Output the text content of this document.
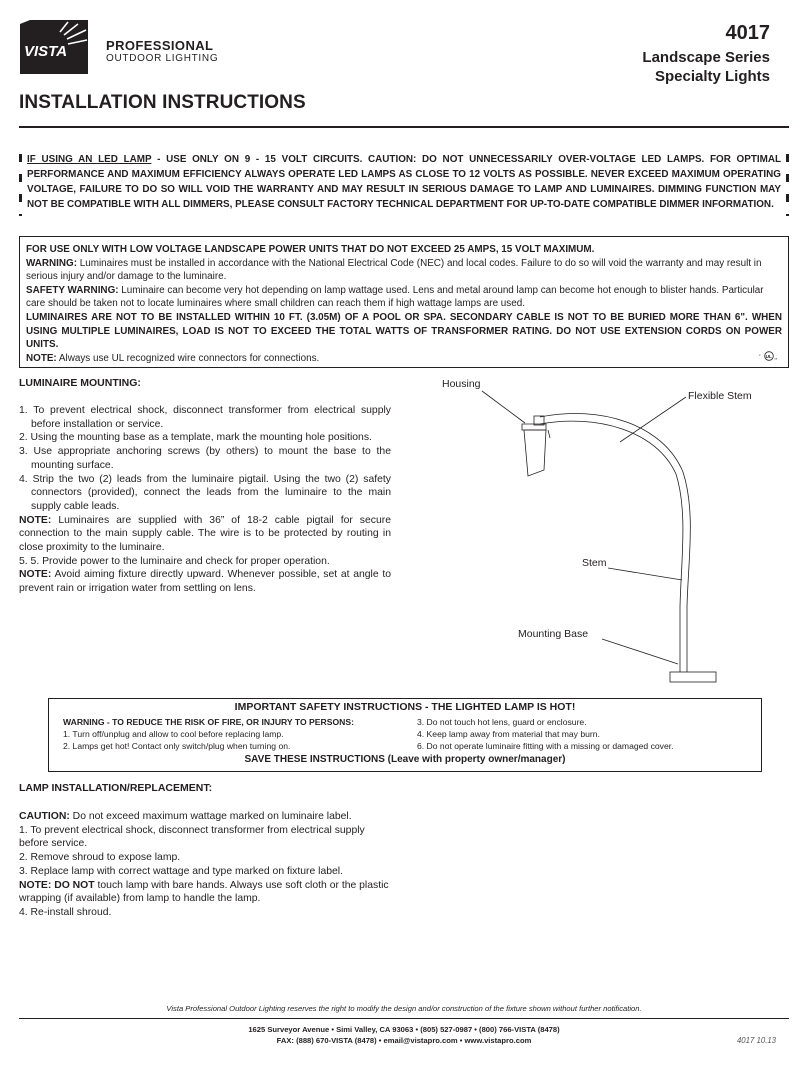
VISTA	PROFESSIONAL
OUTDOOR LIGHTING
4017
Landscape Series
Specialty Lights
INSTALLATION INSTRUCTIONS
IF USING AN LED LAMP - USE ONLY ON 9 - 15 VOLT CIRCUITS. CAUTION: DO NOT UNNECESSARILY OVER-VOLTAGE LED LAMPS. FOR OPTIMAL PERFORMANCE AND MAXIMUM EFFICIENCY ALWAYS OPERATE LED LAMPS AS CLOSE TO 12 VOLTS AS POSSIBLE. NEVER EXCEED MAXIMUM OPERATING VOLTAGE, FAILURE TO DO SO WILL VOID THE WARRANTY AND MAY RESULT IN SERIOUS DAMAGE TO LAMP AND LUMINAIRES. DIMMING FUNCTION MAY NOT BE COMPATIBLE WITH ALL DIMMERS, PLEASE CONSULT FACTORY TECHNICAL DEPARTMENT FOR UP-TO-DATE COMPATIBLE DIMMER INFORMATION.

FOR USE ONLY WITH LOW VOLTAGE LANDSCAPE POWER UNITS THAT DO NOT EXCEED 25 AMPS, 15 VOLT MAXIMUM.

WARNING: Luminaires must be installed in accordance with the National Electrical Code (NEC) and local codes. Failure to do so will void the warranty and may result in serious injury and/or damage to the luminaire.

SAFETY WARNING: Luminaire can become very hot depending on lamp wattage used. Lens and metal around lamp can become hot enough to blister hands. Particular care should be taken not to locate luminaires where small children can reach them if high wattage lamps are used.

LUMINAIRES ARE NOT TO BE INSTALLED WITHIN 10 FT. (3.05M) OF A POOL OR SPA. SECONDARY CABLE IS NOT TO BE BURIED MORE THAN 6". WHEN USING MULTIPLE LUMINAIRES, LOAD IS NOT TO EXCEED THE TOTAL WATTS OF TRANSFORMER RATING. DO NOT USE EXTENSION CORDS ON POWER UNITS.

NOTE: Always use UL recognized wire connectors for connections.	UL
c
us
LUMINAIRE MOUNTING:

1. To prevent electrical shock, disconnect transformer from electrical supply before installation or service.

2. Using the mounting base as a template, mark the mounting hole positions.

3. Use appropriate anchoring screws (by others) to mount the base to the mounting surface.

4. Strip the two (2) leads from the luminaire pigtail. Using the two (2) safety connectors (provided), connect the leads from the luminaire to the main supply cable leads.

NOTE: Luminaires are supplied with 36” of 18-2 cable pigtail for secure connection to the main supply cable. The wire is to be protected by routing in close proximity to the luminaire.

5. 5. Provide power to the luminaire and check for proper operation.

NOTE: Avoid aiming fixture directly upward. Whenever possible, set at angle to prevent rain or irrigation water from settling on lens.

Housing
Flexible Stem
Stem
Mounting Base
IMPORTANT SAFETY INSTRUCTIONS - THE LIGHTED LAMP IS HOT!

WARNING - TO REDUCE THE RISK OF FIRE, OR INJURY TO PERSONS:

1. Turn off/unplug and allow to cool before replacing lamp.

2. Lamps get hot! Contact only switch/plug when turning on.

3. Do not touch hot lens, guard or enclosure.

4. Keep lamp away from material that may burn.

6. Do not operate luminaire fitting with a missing or damaged cover.

SAVE THESE INSTRUCTIONS (Leave with property owner/manager)
LAMP INSTALLATION/REPLACEMENT:

CAUTION: Do not exceed maximum wattage marked on luminaire label.

1. To prevent electrical shock, disconnect transformer from electrical supply before service.

2. Remove shroud to expose lamp.

3. Replace lamp with correct wattage and type marked on fixture label.

NOTE: DO NOT touch lamp with bare hands. Always use soft cloth or the plastic wrapping (if available) from lamp to handle the lamp.

4. Re-install shroud.

Vista Professional Outdoor Lighting reserves the right to modify the design and/or construction of the fixture shown without further notification.
1625 Surveyor Avenue • Simi Valley, CA 93063 • (805) 527-0987 • (800) 766-VISTA (8478)
FAX: (888) 670-VISTA (8478) • email@vistapro.com • www.vistapro.com	4017 10.13
